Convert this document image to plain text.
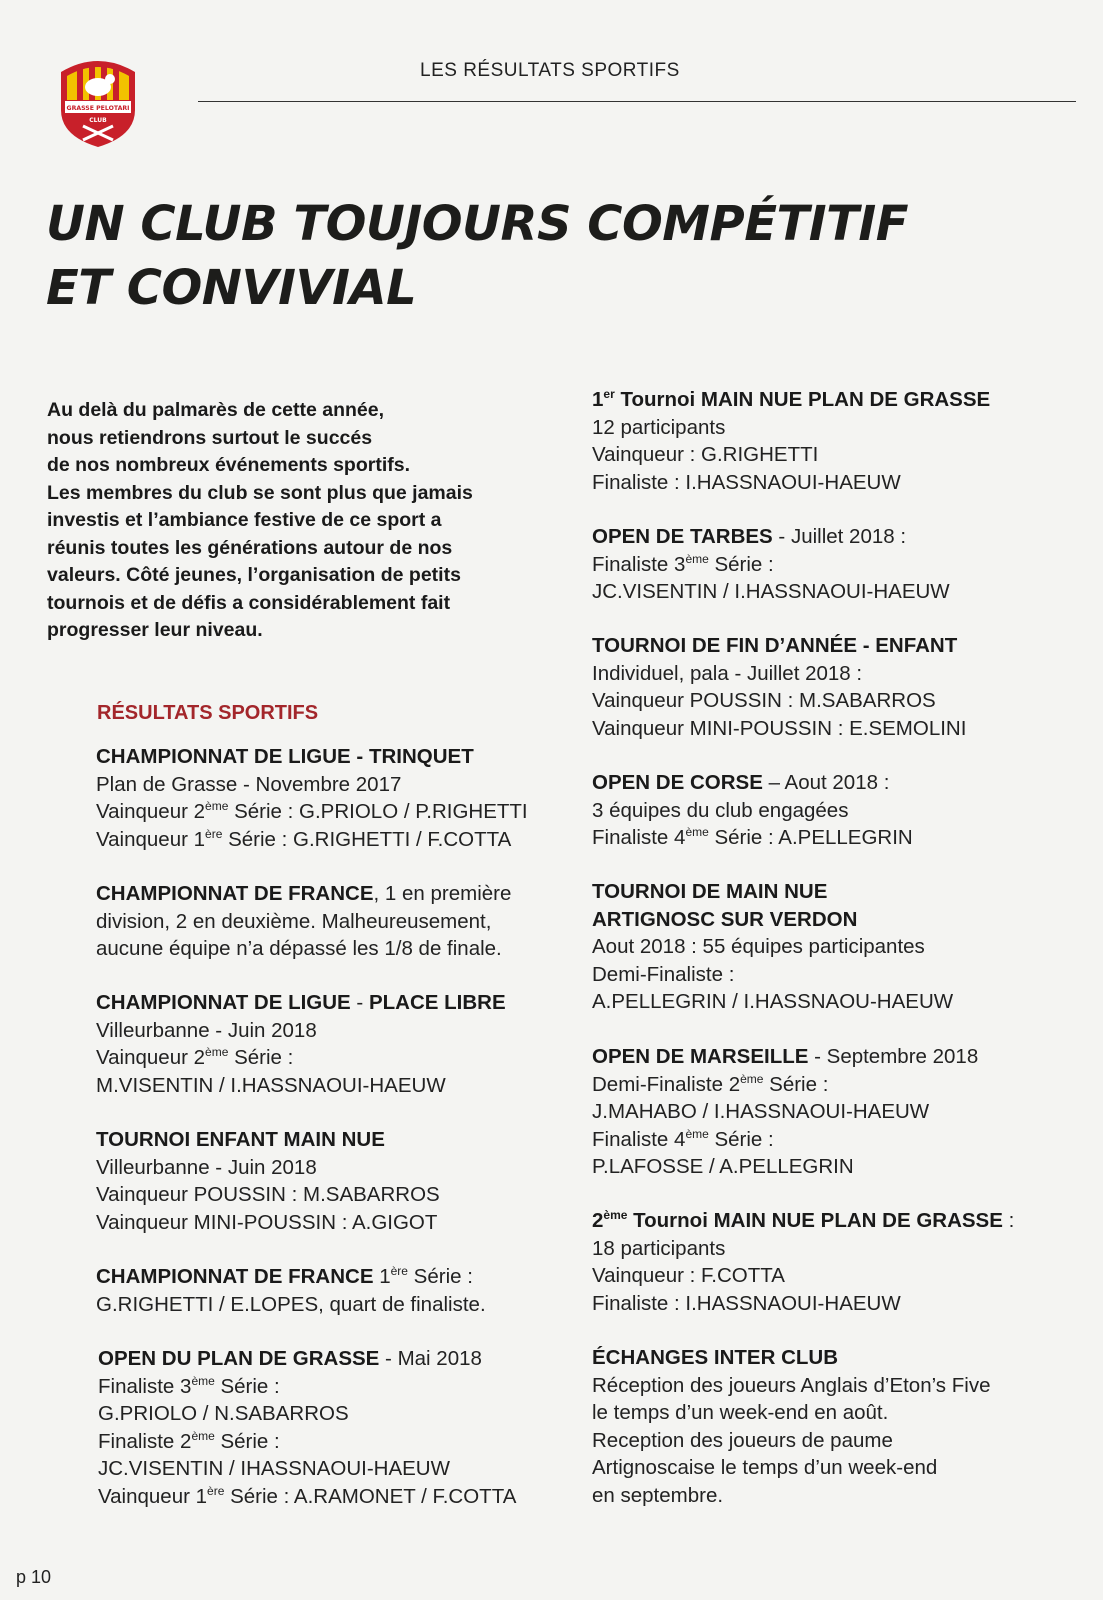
GRASSE PELOTARI
CLUB
LES RÉSULTATS SPORTIFS
UN CLUB TOUJOURS COMPÉTITIF
ET CONVIVIAL
Au delà du palmarès de cette année,
nous retiendrons surtout le succés
de nos nombreux événements sportifs.
Les membres du club se sont plus que jamais
investis et l’ambiance festive de ce sport a
réunis toutes les générations autour de nos
valeurs. Côté jeunes, l’organisation de petits
tournois et de défis a considérablement fait
progresser leur niveau.
RÉSULTATS SPORTIFS
CHAMPIONNAT DE LIGUE - TRINQUET
Plan de Grasse - Novembre 2017
Vainqueur 2ème Série : G.PRIOLO / P.RIGHETTI
Vainqueur 1ère Série : G.RIGHETTI / F.COTTA
CHAMPIONNAT DE FRANCE, 1 en première
division, 2 en deuxième. Malheureusement,
aucune équipe n’a dépassé les 1/8 de finale.
CHAMPIONNAT DE LIGUE - PLACE LIBRE
Villeurbanne - Juin 2018
Vainqueur 2ème Série :
M.VISENTIN / I.HASSNAOUI-HAEUW
TOURNOI ENFANT MAIN NUE
Villeurbanne - Juin 2018
Vainqueur POUSSIN : M.SABARROS
Vainqueur MINI-POUSSIN : A.GIGOT
CHAMPIONNAT DE FRANCE 1ère Série :
G.RIGHETTI / E.LOPES, quart de finaliste.
OPEN DU PLAN DE GRASSE - Mai 2018
Finaliste 3ème Série :
G.PRIOLO / N.SABARROS
Finaliste 2ème Série :
JC.VISENTIN / IHASSNAOUI-HAEUW
Vainqueur 1ère Série : A.RAMONET / F.COTTA
1er Tournoi MAIN NUE PLAN DE GRASSE
12 participants
Vainqueur : G.RIGHETTI
Finaliste : I.HASSNAOUI-HAEUW
OPEN DE TARBES - Juillet 2018 :
Finaliste 3ème Série :
JC.VISENTIN / I.HASSNAOUI-HAEUW
TOURNOI DE FIN D’ANNÉE - ENFANT
Individuel, pala - Juillet 2018 :
Vainqueur POUSSIN : M.SABARROS
Vainqueur MINI-POUSSIN : E.SEMOLINI
OPEN DE CORSE – Aout 2018 :
3 équipes du club engagées
Finaliste 4ème Série : A.PELLEGRIN
TOURNOI DE MAIN NUE
ARTIGNOSC SUR VERDON
Aout 2018 : 55 équipes participantes
Demi-Finaliste :
A.PELLEGRIN / I.HASSNAOU-HAEUW
OPEN DE MARSEILLE - Septembre 2018
Demi-Finaliste 2ème Série :
J.MAHABO / I.HASSNAOUI-HAEUW
Finaliste 4ème Série :
P.LAFOSSE / A.PELLEGRIN
2ème Tournoi MAIN NUE PLAN DE GRASSE :
18 participants
Vainqueur : F.COTTA
Finaliste : I.HASSNAOUI-HAEUW
ÉCHANGES INTER CLUB
Réception des joueurs Anglais d’Eton’s Five
le temps d’un week-end en août.
Reception des joueurs de paume
Artignoscaise le temps d’un week-end
en septembre.
p 10
